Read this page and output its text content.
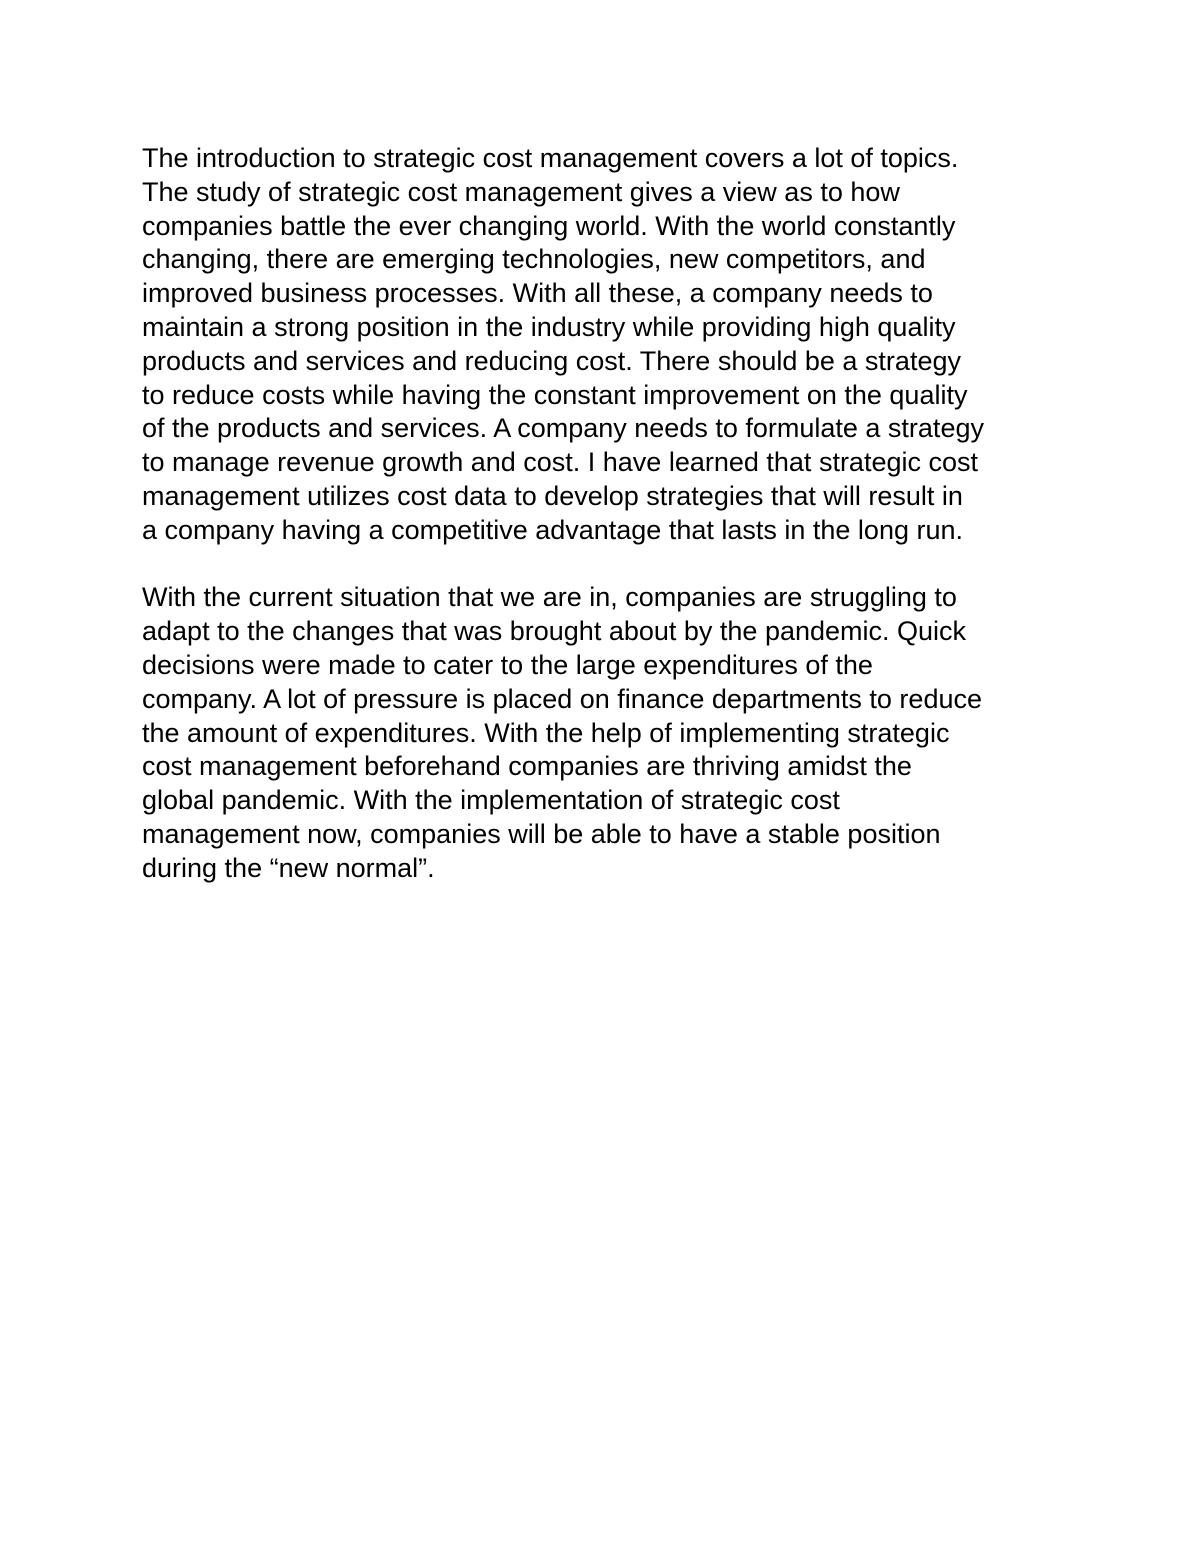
The introduction to strategic cost management covers a lot of topics.
The study of strategic cost management gives a view as to how
companies battle the ever changing world. With the world constantly
changing, there are emerging technologies, new competitors, and
improved business processes. With all these, a company needs to
maintain a strong position in the industry while providing high quality
products and services and reducing cost. There should be a strategy
to reduce costs while having the constant improvement on the quality
of the products and services. A company needs to formulate a strategy
to manage revenue growth and cost. I have learned that strategic cost
management utilizes cost data to develop strategies that will result in
a company having a competitive advantage that lasts in the long run.

With the current situation that we are in, companies are struggling to
adapt to the changes that was brought about by the pandemic. Quick
decisions were made to cater to the large expenditures of the
company. A lot of pressure is placed on finance departments to reduce
the amount of expenditures. With the help of implementing strategic
cost management beforehand companies are thriving amidst the
global pandemic. With the implementation of strategic cost
management now, companies will be able to have a stable position
during the “new normal”.
